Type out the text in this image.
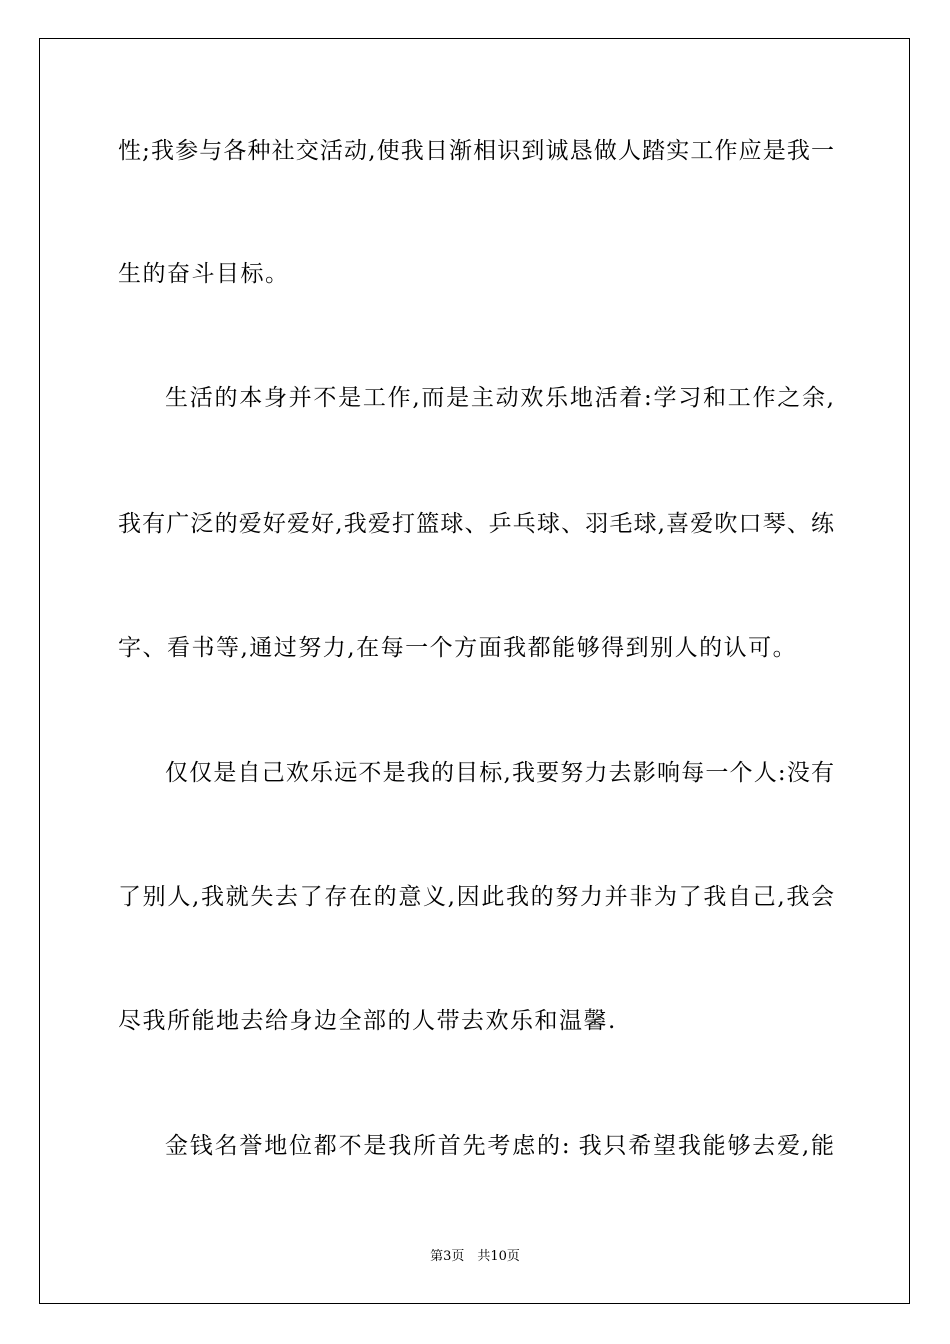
性;我参与各种社交活动,使我日渐相识到诚恳做人踏实工作应是我一
生的奋斗目标。
生活的本身并不是工作,而是主动欢乐地活着:学习和工作之余,
我有广泛的爱好爱好,我爱打篮球、乒乓球、羽毛球,喜爱吹口琴、练
字、看书等,通过努力,在每一个方面我都能够得到别人的认可。
仅仅是自己欢乐远不是我的目标,我要努力去影响每一个人:没有
了别人,我就失去了存在的意义,因此我的努力并非为了我自己,我会
尽我所能地去给身边全部的人带去欢乐和温馨.
金钱名誉地位都不是我所首先考虑的: 我只希望我能够去爱,能
第3页　共10页
